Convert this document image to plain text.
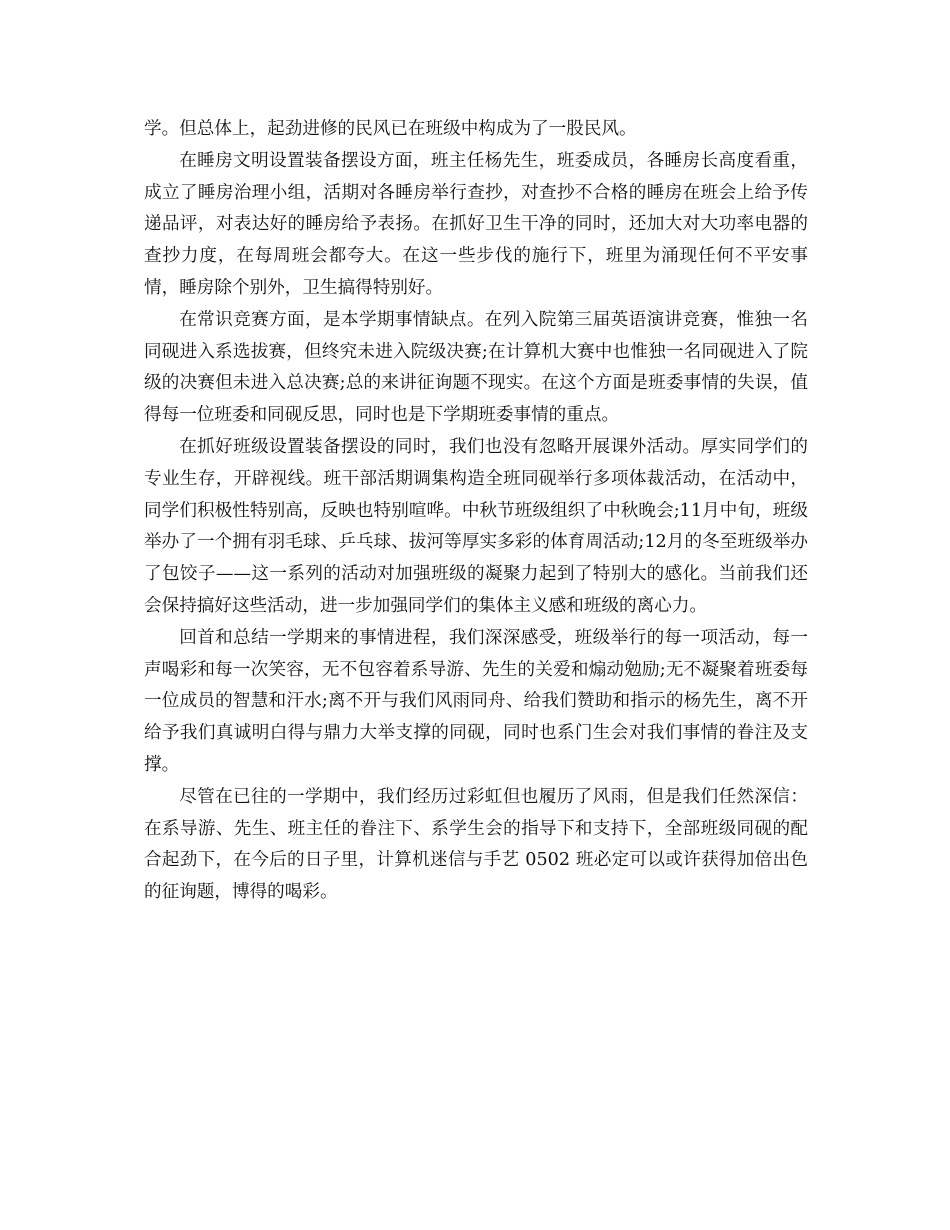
学。但总体上，起劲进修的民风已在班级中构成为了一股民风。

在睡房文明设置装备摆设方面，班主任杨先生，班委成员，各睡房长高度看重，成立了睡房治理小组，活期对各睡房举行查抄，对查抄不合格的睡房在班会上给予传递品评，对表达好的睡房给予表扬。在抓好卫生干净的同时，还加大对大功率电器的查抄力度，在每周班会都夸大。在这一些步伐的施行下，班里为涌现任何不平安事情，睡房除个别外，卫生搞得特别好。

在常识竞赛方面，是本学期事情缺点。在列入院第三届英语演讲竞赛，惟独一名同砚进入系选拔赛，但终究未进入院级决赛;在计算机大赛中也惟独一名同砚进入了院级的决赛但未进入总决赛;总的来讲征询题不现实。在这个方面是班委事情的失误，值得每一位班委和同砚反思，同时也是下学期班委事情的重点。

在抓好班级设置装备摆设的同时，我们也没有忽略开展课外活动。厚实同学们的专业生存，开辟视线。班干部活期调集构造全班同砚举行多项体裁活动，在活动中，同学们积极性特别高，反映也特别喧哗。中秋节班级组织了中秋晚会;11月中旬，班级举办了一个拥有羽毛球、乒乓球、拔河等厚实多彩的体育周活动;12月的冬至班级举办了包饺子——这一系列的活动对加强班级的凝聚力起到了特别大的感化。当前我们还会保持搞好这些活动，进一步加强同学们的集体主义感和班级的离心力。

回首和总结一学期来的事情进程，我们深深感受，班级举行的每一项活动，每一声喝彩和每一次笑容，无不包容着系导游、先生的关爱和煽动勉励;无不凝聚着班委每一位成员的智慧和汗水;离不开与我们风雨同舟、给我们赞助和指示的杨先生，离不开给予我们真诚明白得与鼎力大举支撑的同砚，同时也系门生会对我们事情的眷注及支撑。

尽管在已往的一学期中，我们经历过彩虹但也履历了风雨，但是我们任然深信：在系导游、先生、班主任的眷注下、系学生会的指导下和支持下，全部班级同砚的配合起劲下，在今后的日子里，计算机迷信与手艺 0502 班必定可以或许获得加倍出色的征询题，博得的喝彩。
